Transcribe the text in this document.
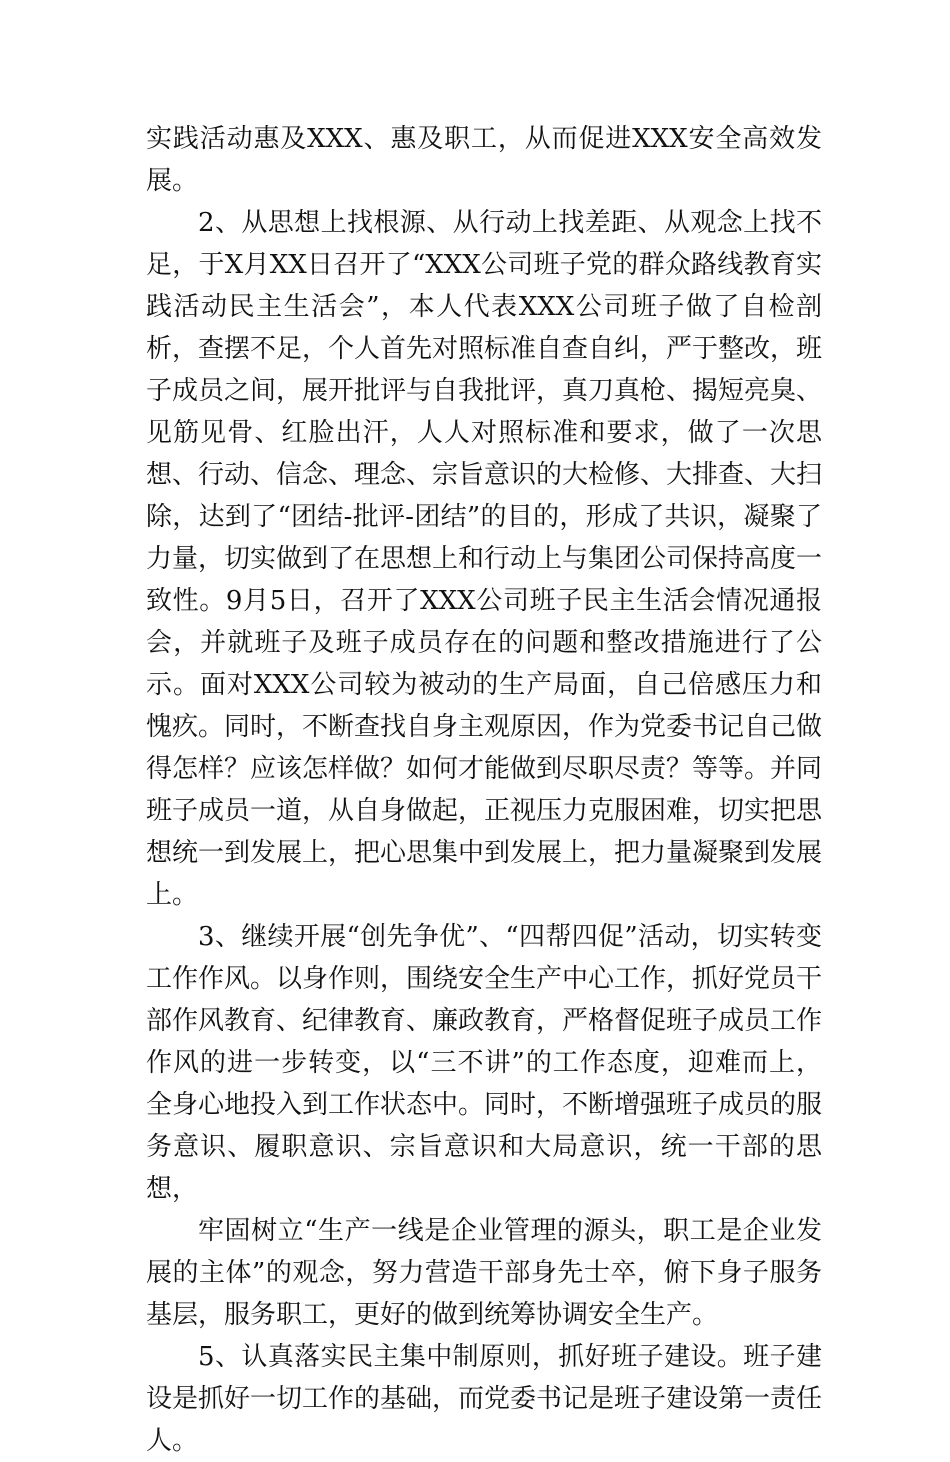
实践活动惠及XXX、惠及职工，从而促进XXX安全高效发展。

2、从思想上找根源、从行动上找差距、从观念上找不足，于X月XX日召开了“XXX公司班子党的群众路线教育实践活动民主生活会”，本人代表XXX公司班子做了自检剖析，查摆不足，个人首先对照标准自查自纠，严于整改，班子成员之间，展开批评与自我批评，真刀真枪、揭短亮臭、见筋见骨、红脸出汗，人人对照标准和要求，做了一次思想、行动、信念、理念、宗旨意识的大检修、大排查、大扫除，达到了“团结-批评-团结”的目的，形成了共识，凝聚了力量，切实做到了在思想上和行动上与集团公司保持高度一致性。9月5日，召开了XXX公司班子民主生活会情况通报会，并就班子及班子成员存在的问题和整改措施进行了公示。面对XXX公司较为被动的生产局面，自己倍感压力和愧疚。同时，不断查找自身主观原因，作为党委书记自己做得怎样？应该怎样做？如何才能做到尽职尽责？等等。并同班子成员一道，从自身做起，正视压力克服困难，切实把思想统一到发展上，把心思集中到发展上，把力量凝聚到发展上。

3、继续开展“创先争优”、“四帮四促”活动，切实转变工作作风。以身作则，围绕安全生产中心工作，抓好党员干部作风教育、纪律教育、廉政教育，严格督促班子成员工作作风的进一步转变，以“三不讲”的工作态度，迎难而上，全身心地投入到工作状态中。同时，不断增强班子成员的服务意识、履职意识、宗旨意识和大局意识，统一干部的思想，

牢固树立“生产一线是企业管理的源头，职工是企业发展的主体”的观念，努力营造干部身先士卒，俯下身子服务基层，服务职工，更好的做到统筹协调安全生产。

5、认真落实民主集中制原则，抓好班子建设。班子建设是抓好一切工作的基础，而党委书记是班子建设第一责任人。
